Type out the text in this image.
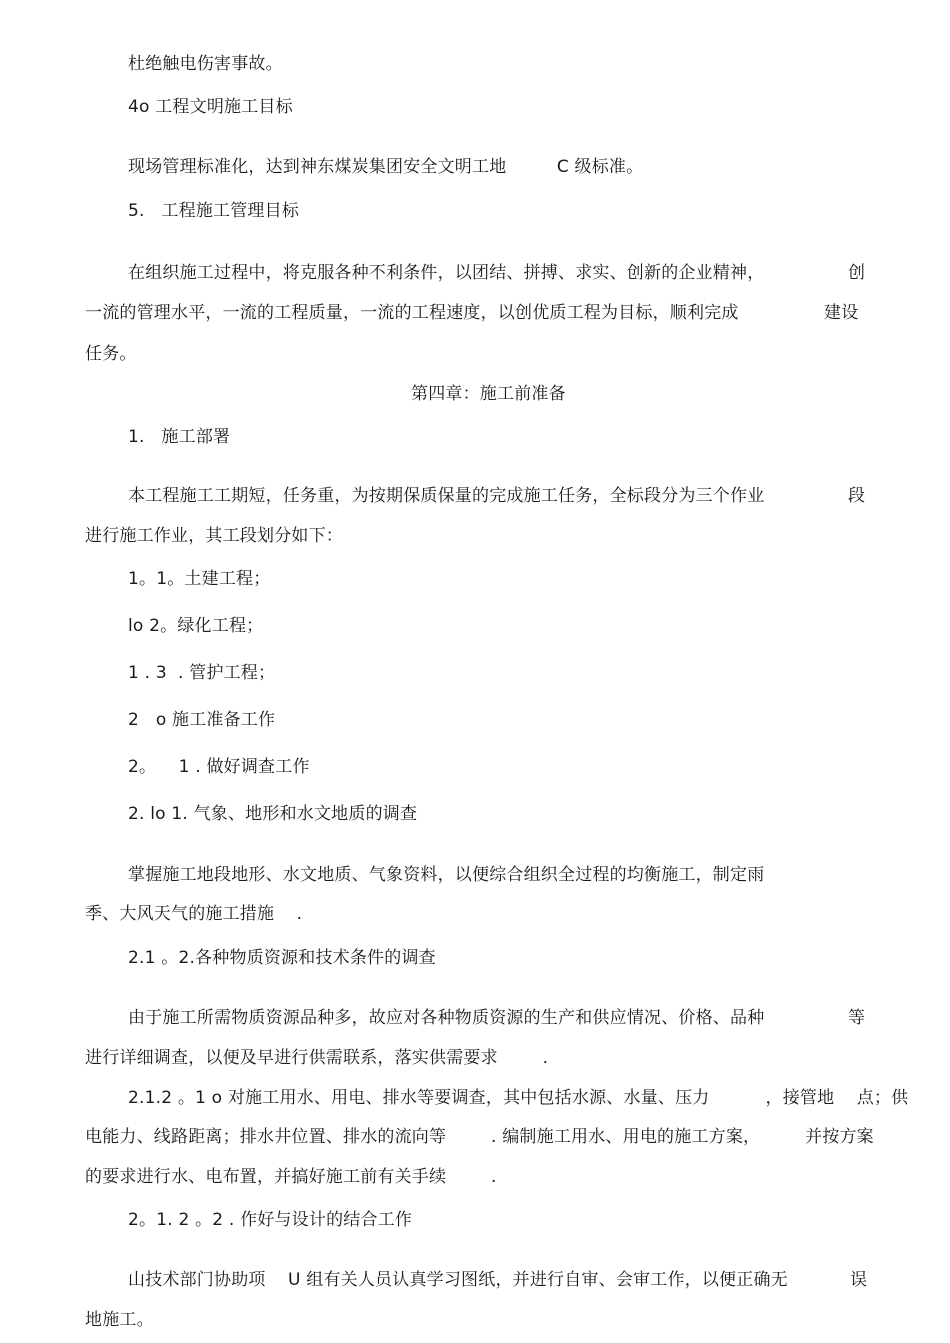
杜绝触电伤害事故。
4o 工程文明施工目标
现场管理标准化，达到神东煤炭集团安全文明工地         C 级标准。
5.   工程施工管理目标
在组织施工过程中，将克服各种不利条件，以团结、拼搏、求实、创新的企业精神，	创
一流的管理水平，一流的工程质量，一流的工程速度，以创优质工程为目标，顺利完成	建设
任务。
第四章：施工前准备
1.   施工部署
本工程施工工期短，任务重，为按期保质保量的完成施工任务，全标段分为三个作业	段
进行施工作业，其工段划分如下：
1。1。土建工程；
lo 2。绿化工程；
1 . 3  . 管护工程；
2   o 施工准备工作
2。    1 . 做好调查工作
2. lo 1. 气象、地形和水文地质的调查
掌握施工地段地形、水文地质、气象资料，以便综合组织全过程的均衡施工，制定雨
季、大风天气的施工措施    .
2.1 。2.各种物质资源和技术条件的调查
由于施工所需物质资源品种多，故应对各种物质资源的生产和供应情况、价格、品种	等
进行详细调查，以便及早进行供需联系，落实供需要求        .
2.1.2 。1 o 对施工用水、用电、排水等要调查，其中包括水源、水量、压力          ，接管地    点；供
电能力、线路距离；排水井位置、排水的流向等        . 编制施工用水、用电的施工方案，        并按方案
的要求进行水、电布置，并搞好施工前有关手续        .
2。1. 2 。2 . 作好与设计的结合工作
山技术部门协助项    U 组有关人员认真学习图纸，并进行自审、会审工作，以便正确无	误
地施工。
